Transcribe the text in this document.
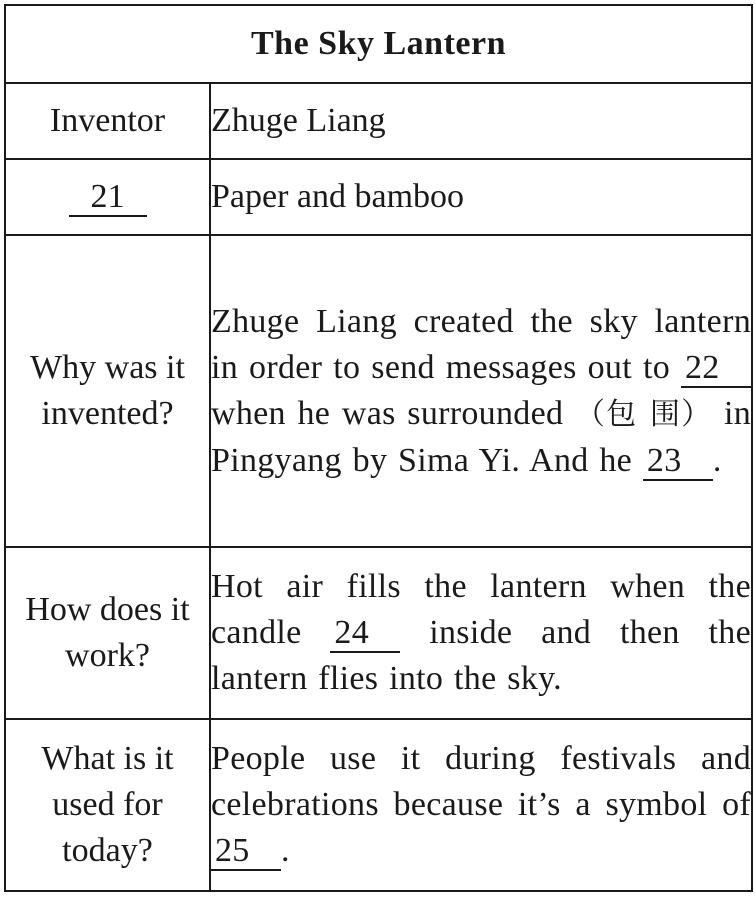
The Sky Lantern	
Inventor	Zhuge Liang
21	Paper and bamboo
Why was it invented?	Zhuge Liang created the sky lantern in order to send messages out to 22 when he was surrounded （包 围） in Pingyang by Sima Yi. And he 23 .
How does it work?	Hot air fills the lantern when the candle 24 inside and then the lantern flies into the sky.
What is it used for today?	People use it during festivals and celebrations because it’s a symbol of 25 .
